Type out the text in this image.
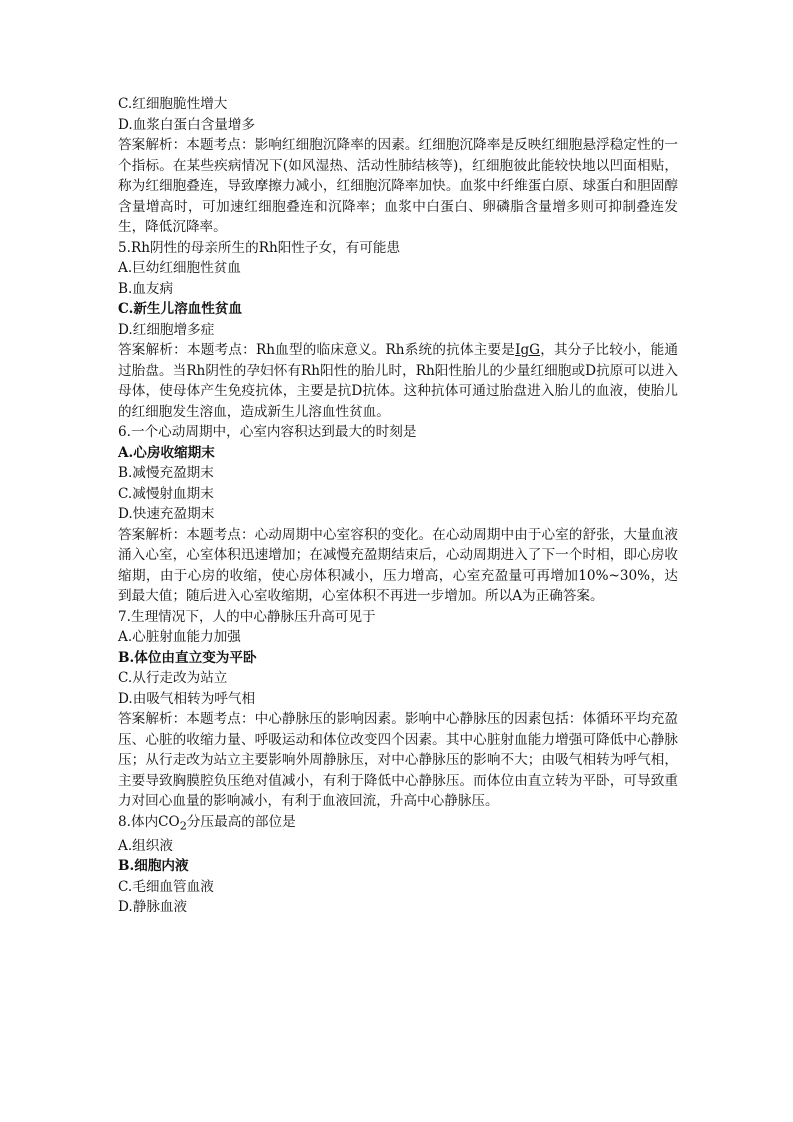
C.红细胞脆性增大
D.血浆白蛋白含量增多
答案解析：本题考点：影响红细胞沉降率的因素。红细胞沉降率是反映红细胞悬浮稳定性的一个指标。在某些疾病情况下(如风湿热、活动性肺结核等)，红细胞彼此能较快地以凹面相贴，称为红细胞叠连，导致摩擦力减小，红细胞沉降率加快。血浆中纤维蛋白原、球蛋白和胆固醇含量增高时，可加速红细胞叠连和沉降率；血浆中白蛋白、卵磷脂含量增多则可抑制叠连发生，降低沉降率。
5.Rh阴性的母亲所生的Rh阳性子女，有可能患
A.巨幼红细胞性贫血
B.血友病
C.新生儿溶血性贫血
D.红细胞增多症
答案解析：本题考点：Rh血型的临床意义。Rh系统的抗体主要是IgG，其分子比较小，能通过胎盘。当Rh阴性的孕妇怀有Rh阳性的胎儿时，Rh阳性胎儿的少量红细胞或D抗原可以进入母体，使母体产生免疫抗体，主要是抗D抗体。这种抗体可通过胎盘进入胎儿的血液，使胎儿的红细胞发生溶血，造成新生儿溶血性贫血。
6.一个心动周期中，心室内容积达到最大的时刻是
A.心房收缩期末
B.减慢充盈期末
C.减慢射血期末
D.快速充盈期末
答案解析：本题考点：心动周期中心室容积的变化。在心动周期中由于心室的舒张，大量血液涌入心室，心室体积迅速增加；在减慢充盈期结束后，心动周期进入了下一个时相，即心房收缩期，由于心房的收缩，使心房体积减小，压力增高，心室充盈量可再增加10%~30%，达到最大值；随后进入心室收缩期，心室体积不再进一步增加。所以A为正确答案。
7.生理情况下，人的中心静脉压升高可见于
A.心脏射血能力加强
B.体位由直立变为平卧
C.从行走改为站立
D.由吸气相转为呼气相
答案解析：本题考点：中心静脉压的影响因素。影响中心静脉压的因素包括：体循环平均充盈压、心脏的收缩力量、呼吸运动和体位改变四个因素。其中心脏射血能力增强可降低中心静脉压；从行走改为站立主要影响外周静脉压，对中心静脉压的影响不大；由吸气相转为呼气相，主要导致胸膜腔负压绝对值减小，有利于降低中心静脉压。而体位由直立转为平卧，可导致重力对回心血量的影响减小，有利于血液回流，升高中心静脉压。
8.体内$CO_2$分压最高的部位是
A.组织液
B.细胞内液
C.毛细血管血液
D.静脉血液
